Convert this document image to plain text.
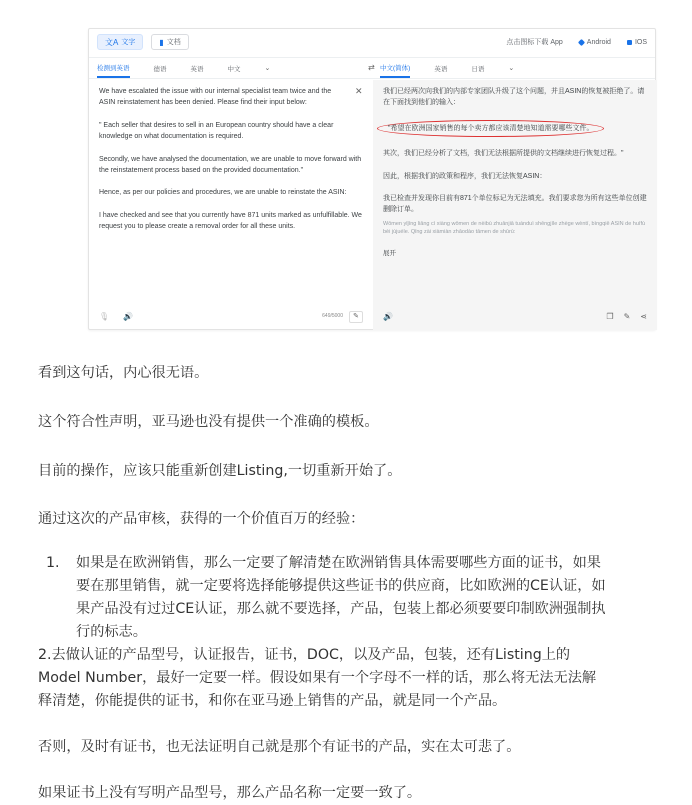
文A 文字	▮ 文档	点击图标下载 App	Android	IOS
检测到英语	德语	英语	中文	⌄	⇄ 中文(简体)	英语	日语	⌄
We have escalated the issue with our internal specialist team twice and the ASIN reinstatement has been denied. Please find their input below:
" Each seller that desires to sell in an European country should have a clear knowledge on what documentation is required.
Secondly, we have analysed the documentation, we are unable to move forward with the reinstatement process based on the provided documentation."
Hence, as per our policies and procedures, we are unable to reinstate the ASIN:
I have checked and see that you currently have 871 units marked as unfulfillable. We request you to please create a removal order for all these units.
✕
🎙 🔊	649/5000	✎
我们已经两次向我们的内部专家团队升级了这个问题，并且ASIN的恢复被拒绝了。请在下面找到他们的输入：
"希望在欧洲国家销售的每个卖方都应该清楚地知道需要哪些文件。
其次，我们已经分析了文档，我们无法根据所提供的文档继续进行恢复过程。"
因此，根据我们的政策和程序，我们无法恢复ASIN：
我已检查并发现你目前有871个单位标记为无法填充。我们要求您为所有这些单位创建删除订单。
Wǒmen yǐjīng liǎng cì xiàng wǒmen de nèibù zhuānjiā tuánduì shēngjíle zhège wèntí, bìngqiě ASIN de huīfù bèi jùjuéle. Qǐng zài xiàmiàn zhǎodào tāmen de shūrù:
展开
🔊	❐ ✎ ⋖
看到这句话，内心很无语。
这个符合性声明，亚马逊也没有提供一个准确的模板。
目前的操作，应该只能重新创建Listing,一切重新开始了。
通过这次的产品审核，获得的一个价值百万的经验：
1. 如果是在欧洲销售，那么一定要了解清楚在欧洲销售具体需要哪些方面的证书，如果
要在那里销售，就一定要将选择能够提供这些证书的供应商，比如欧洲的CE认证，如
果产品没有过过CE认证，那么就不要选择，产品，包装上都必须要要印制欧洲强制执
行的标志。
2.去做认证的产品型号，认证报告，证书，DOC，以及产品，包装，还有Listing上的
Model Number，最好一定要一样。假设如果有一个字母不一样的话，那么将无法无法解
释清楚，你能提供的证书，和你在亚马逊上销售的产品，就是同一个产品。
否则，及时有证书，也无法证明自己就是那个有证书的产品，实在太可悲了。
如果证书上没有写明产品型号，那么产品名称一定要一致了。
